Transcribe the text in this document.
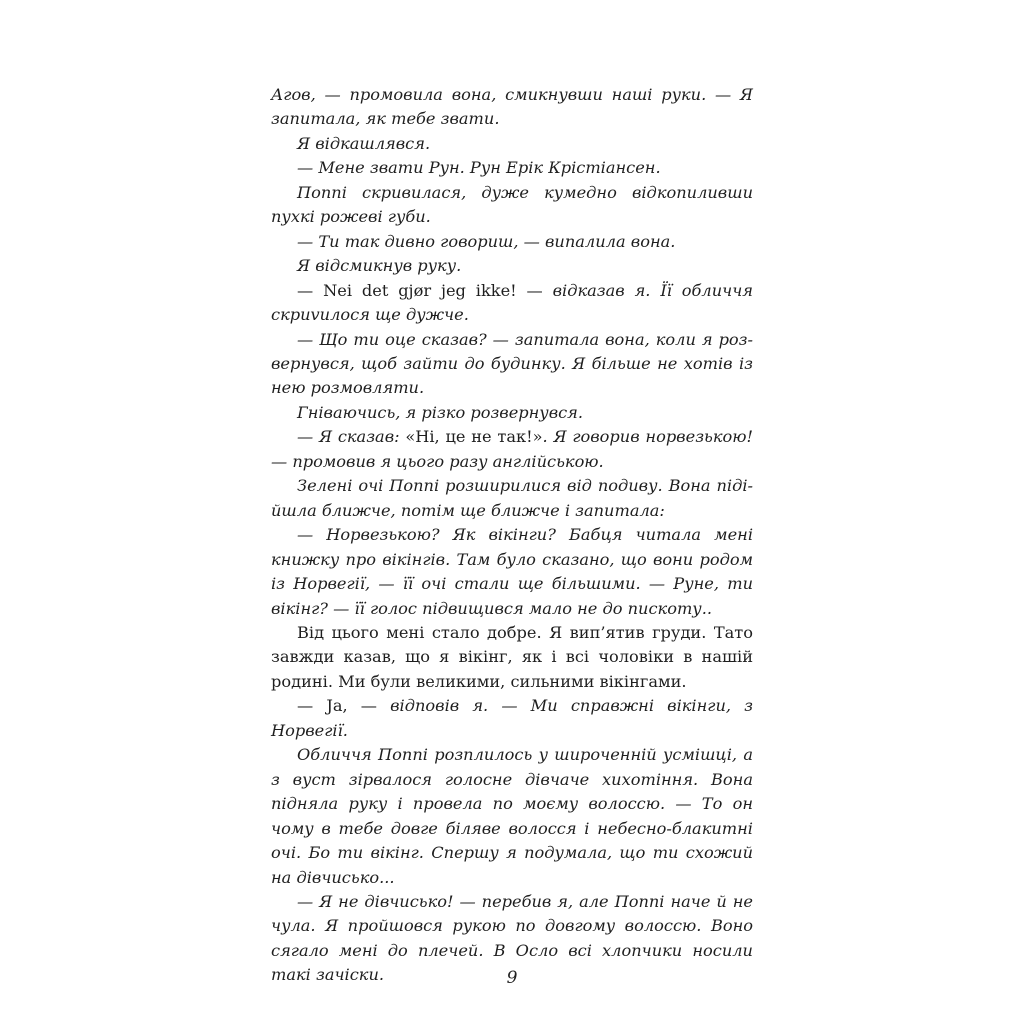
Агов, — промовила вона, смикнувши наші руки. — Я запитала, як тебе звати.

Я відкашлявся.

— Мене звати Рун. Рун Ерік Крістіансен.

Поппі скривилася, дуже кумедно відкопиливши пухкі рожеві губи.

— Ти так дивно говориш, — випалила вона.

Я відсмикнув руку.

— Nei det gjør jeg ikke! — відказав я. Її обличчя скриvилося ще дужче.

— Що ти оце сказав? — запитала вона, коли я розвернувся, щоб зайти до будинку. Я більше не хотів із нею розмовляти.

Гніваючись, я різко розвернувся.

— Я сказав: «Ні, це не так!». Я говорив норвезькою! — промовив я цього разу англійською.

Зелені очі Поппі розширилися від подиву. Вона підійшла ближче, потім ще ближче і запитала:

— Норвезькою? Як вікінги? Бабця читала мені книжку про вікінгів. Там було сказано, що вони родом із Норвегії, — її очі стали ще більшими. — Руне, ти вікінг? — її голос підвищився мало не до пискоту..

Від цього мені стало добре. Я вип’ятив груди. Тато завжди казав, що я вікінг, як і всі чоловіки в нашій родині. Ми були великими, сильними вікінгами.

— Ja, — відповів я. — Ми справжні вікінги, з Норвегії.

Обличчя Поппі розплилось у широченній усмішці, а з вуст зірвалося голосне дівчаче хихотіння. Вона підняла руку і провела по моєму волоссю. — То он чому в тебе довге біляве волосся і небесно-блакитні очі. Бо ти вікінг. Спершу я подумала, що ти схожий на дівчисько...

— Я не дівчисько! — перебив я, але Поппі наче й не чула. Я пройшовся рукою по довгому волоссю. Воно сягало мені до плечей. В Осло всі хлопчики носили такі зачіски.	9
